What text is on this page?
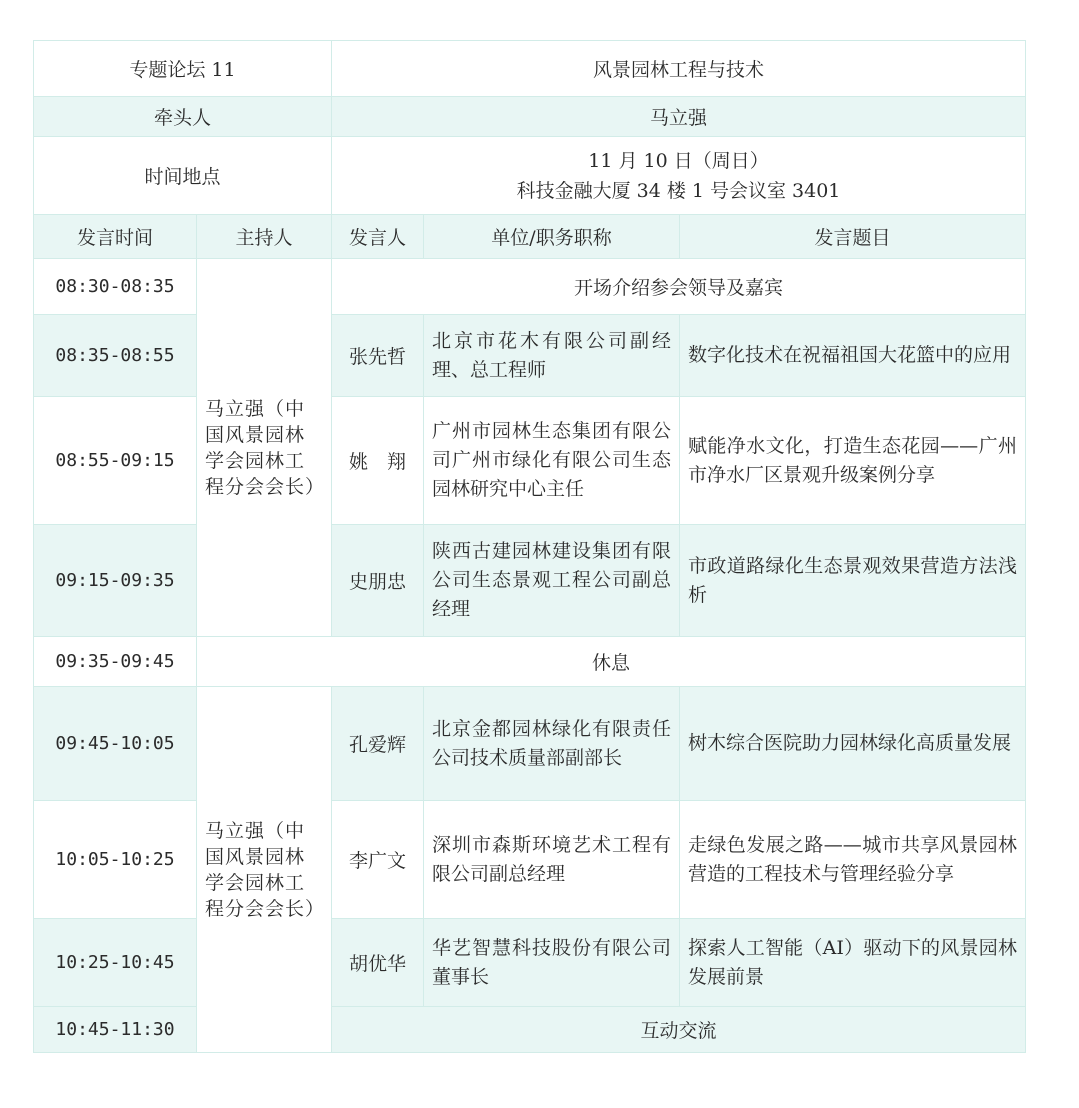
专题论坛 11		风景园林工程与技术		
牵头人		马立强		
时间地点		11 月 10 日（周日）
科技金融大厦 34 楼 1 号会议室 3401		

发言时间	主持人	发言人	单位/职务职称	发言题目
08:30-08:35	马立强（中国风景园林学会园林工程分会会长）	开场介绍参会领导及嘉宾		
08:35-08:55		张先哲	北京市花木有限公司副经理、总工程师	数字化技术在祝福祖国大花篮中的应用
08:55-09:15		姚　翔	广州市园林生态集团有限公司广州市绿化有限公司生态园林研究中心主任	赋能净水文化，打造生态花园——广州市净水厂区景观升级案例分享
09:15-09:35		史朋忠	陕西古建园林建设集团有限公司生态景观工程公司副总经理	市政道路绿化生态景观效果营造方法浅析
09:35-09:45	休息			
09:45-10:05	马立强（中国风景园林学会园林工程分会会长）	孔爱辉	北京金都园林绿化有限责任公司技术质量部副部长	树木综合医院助力园林绿化高质量发展
10:05-10:25		李广文	深圳市森斯环境艺术工程有限公司副总经理	走绿色发展之路——城市共享风景园林营造的工程技术与管理经验分享
10:25-10:45		胡优华	华艺智慧科技股份有限公司董事长	探索人工智能（AI）驱动下的风景园林发展前景
10:45-11:30		互动交流		
